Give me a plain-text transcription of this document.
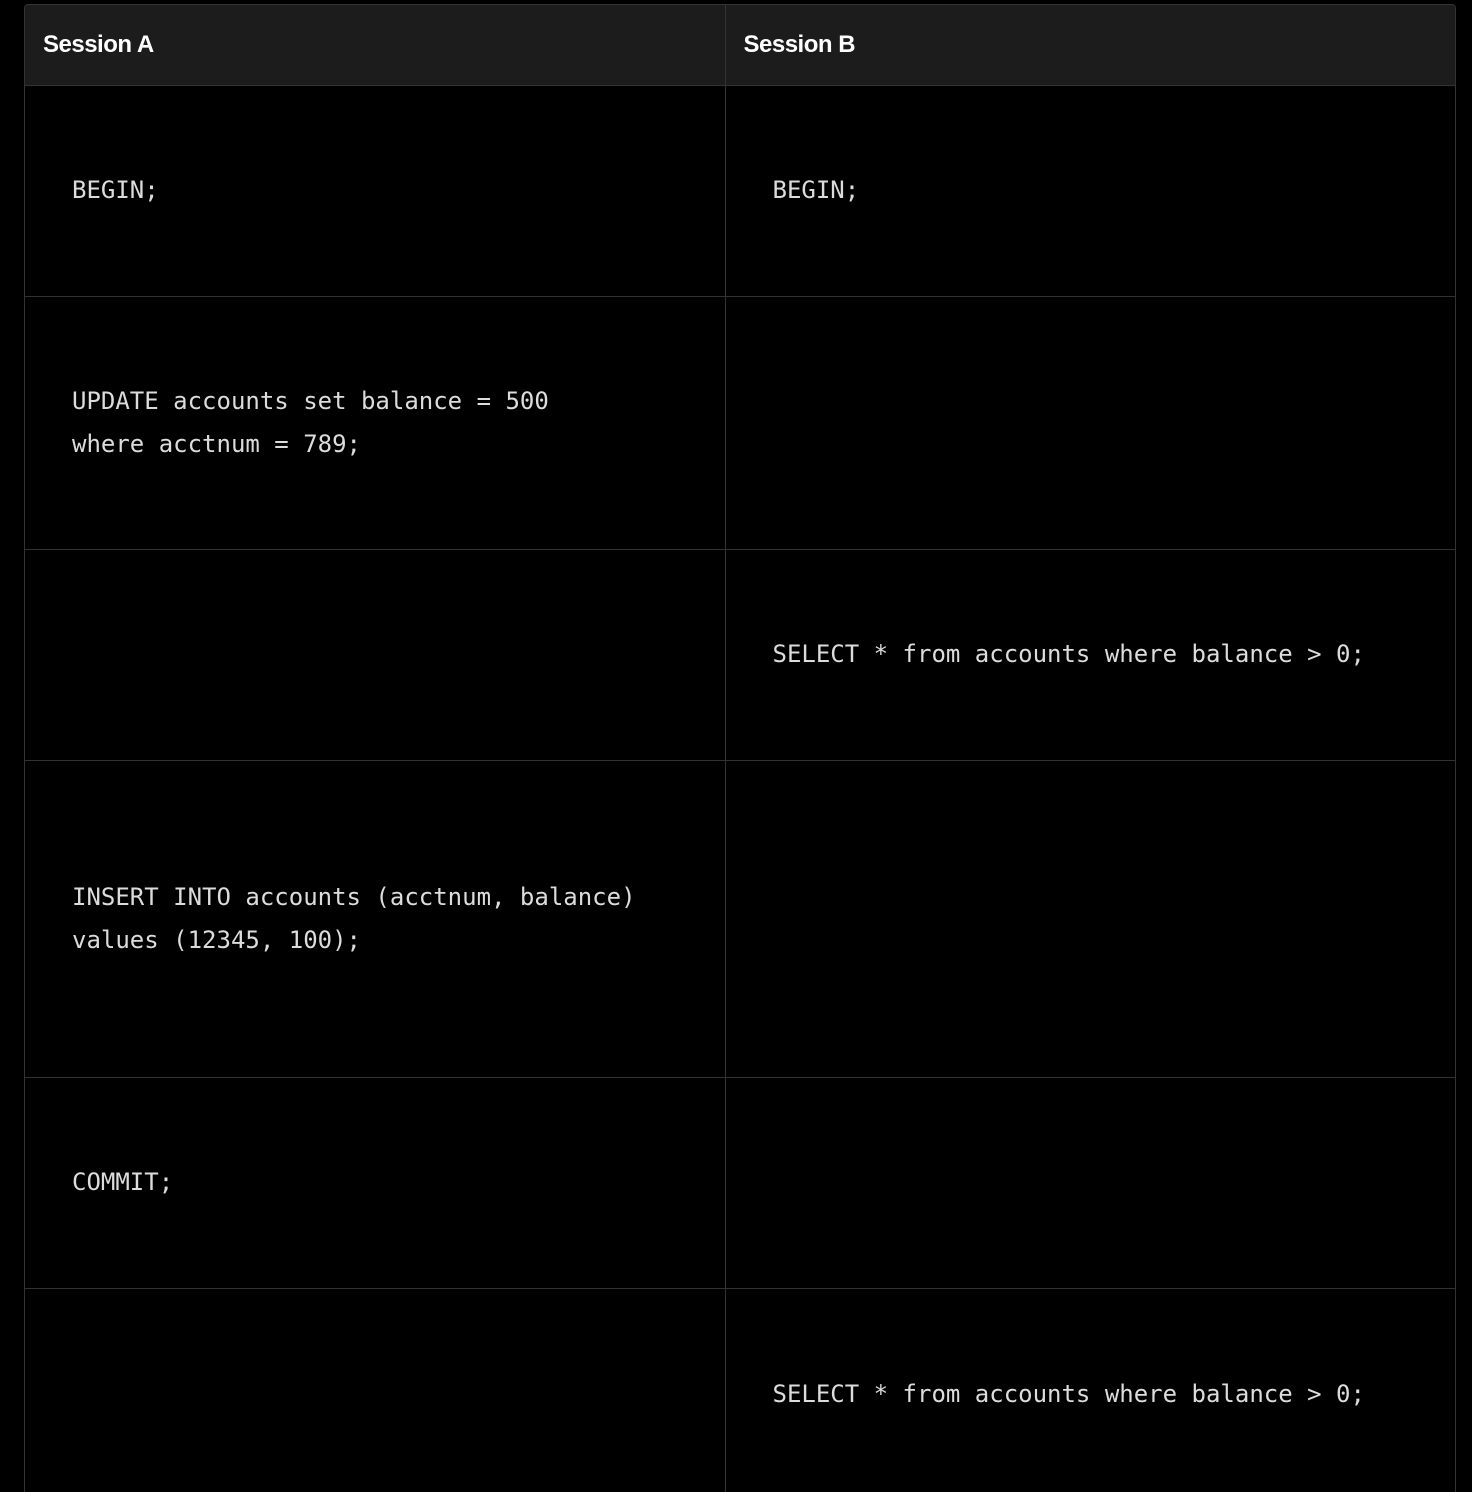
Session A	Session B

BEGIN;	BEGIN;

UPDATE accounts set balance = 500
where acctnum = 789;	

	SELECT * from accounts where balance > 0;

INSERT INTO accounts (acctnum, balance)
values (12345, 100);	

COMMIT;	

	SELECT * from accounts where balance > 0;
